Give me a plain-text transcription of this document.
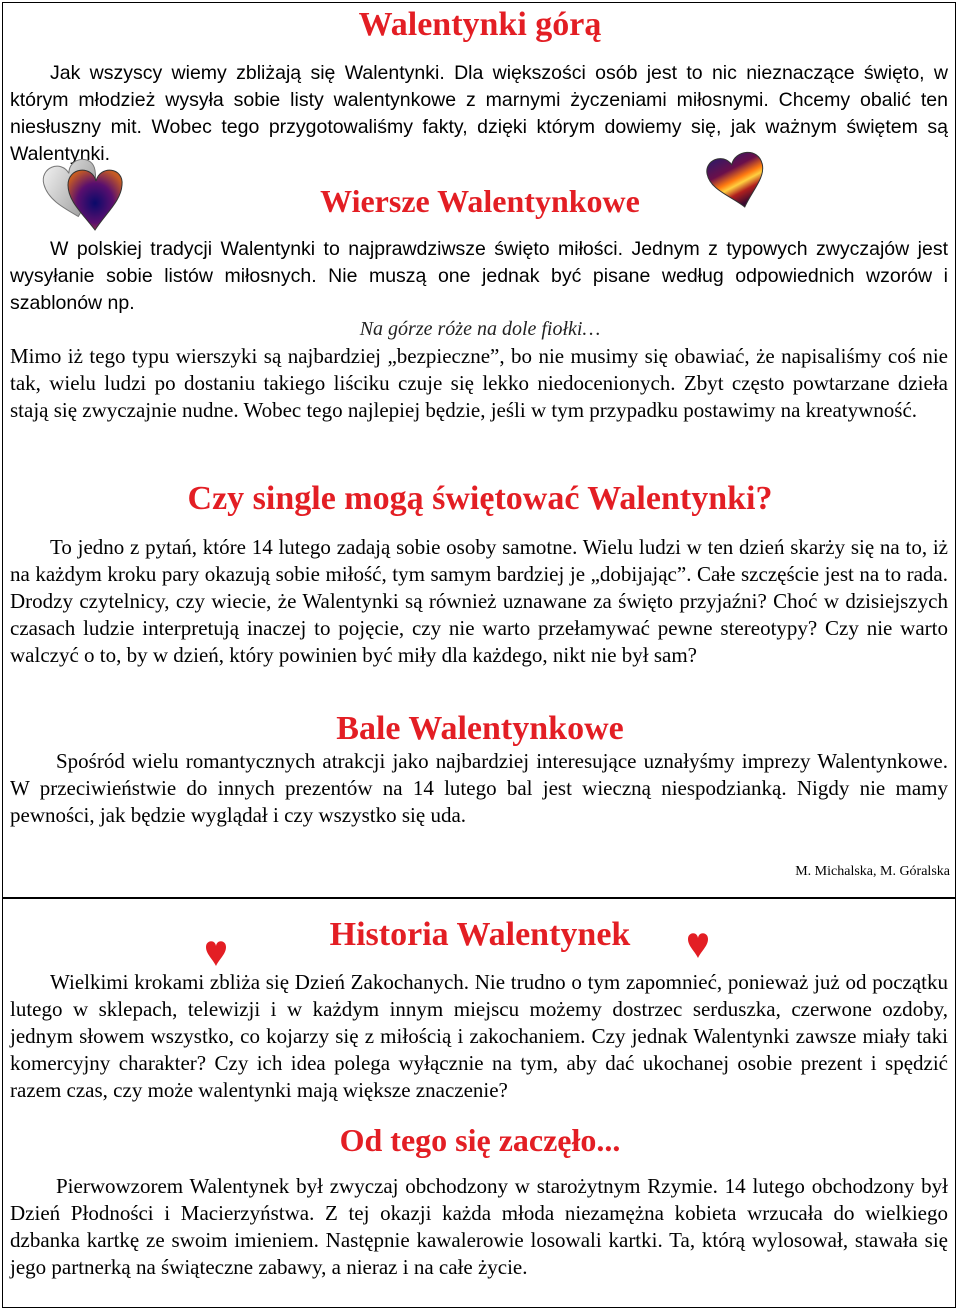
Walentynki górą

Jak wszyscy wiemy zbliżają się Walentynki. Dla większości osób jest to nic nieznaczące święto, w którym młodzież wysyła sobie listy walentynkowe z marnymi życzeniami miłosnymi. Chcemy obalić ten niesłuszny mit. Wobec tego przygotowaliśmy fakty, dzięki którym dowiemy się, jak ważnym świętem są Walentynki.

Wiersze Walentynkowe

W polskiej tradycji Walentynki to najprawdziwsze święto miłości. Jednym z typowych zwyczajów jest wysyłanie sobie listów miłosnych. Nie muszą one jednak być pisane według odpowiednich wzorów i szablonów np.

Na górze róże na dole fiołki…

Mimo iż tego typu wierszyki są najbardziej „bezpieczne”, bo nie musimy się obawiać, że napisaliśmy coś nie tak, wielu ludzi po dostaniu takiego liściku czuje się lekko niedocenionych. Zbyt często powtarzane dzieła stają się zwyczajnie nudne. Wobec tego najlepiej będzie, jeśli w tym przypadku postawimy na kreatywność.

Czy single mogą świętować Walentynki?

To jedno z pytań, które 14 lutego zadają sobie osoby samotne. Wielu ludzi w ten dzień skarży się na to, iż na każdym kroku pary okazują sobie miłość, tym samym bardziej je „dobijając”. Całe szczęście jest na to rada. Drodzy czytelnicy, czy wiecie, że Walentynki są również uznawane za święto przyjaźni? Choć w dzisiejszych czasach ludzie interpretują inaczej to pojęcie, czy nie warto przełamywać pewne stereotypy? Czy nie warto walczyć o to, by w dzień, który powinien być miły dla każdego, nikt nie był sam?

Bale Walentynkowe

Spośród wielu romantycznych atrakcji jako najbardziej interesujące uznałyśmy imprezy Walentynkowe. W przeciwieństwie do innych prezentów na 14 lutego bal jest wieczną niespodzianką. Nigdy nie mamy pewności, jak będzie wyglądał i czy wszystko się uda.

M. Michalska, M. Góralska

Historia Walentynek

Wielkimi krokami zbliża się Dzień Zakochanych. Nie trudno o tym zapomnieć, ponieważ już od początku lutego w sklepach, telewizji i w każdym innym miejscu możemy dostrzec serduszka, czerwone ozdoby, jednym słowem wszystko, co kojarzy się z miłością i zakochaniem. Czy jednak Walentynki zawsze miały taki komercyjny charakter? Czy ich idea polega wyłącznie na tym, aby dać ukochanej osobie prezent i spędzić razem czas, czy może walentynki mają większe znaczenie?

Od tego się zaczęło...

Pierwowzorem Walentynek był zwyczaj obchodzony w starożytnym Rzymie. 14 lutego obchodzony był Dzień Płodności i Macierzyństwa. Z tej okazji każda młoda niezamężna kobieta wrzucała do wielkiego dzbanka kartkę ze swoim imieniem. Następnie kawalerowie losowali kartki. Ta, którą wylosował, stawała się jego partnerką na świąteczne zabawy, a nieraz i na całe życie.
